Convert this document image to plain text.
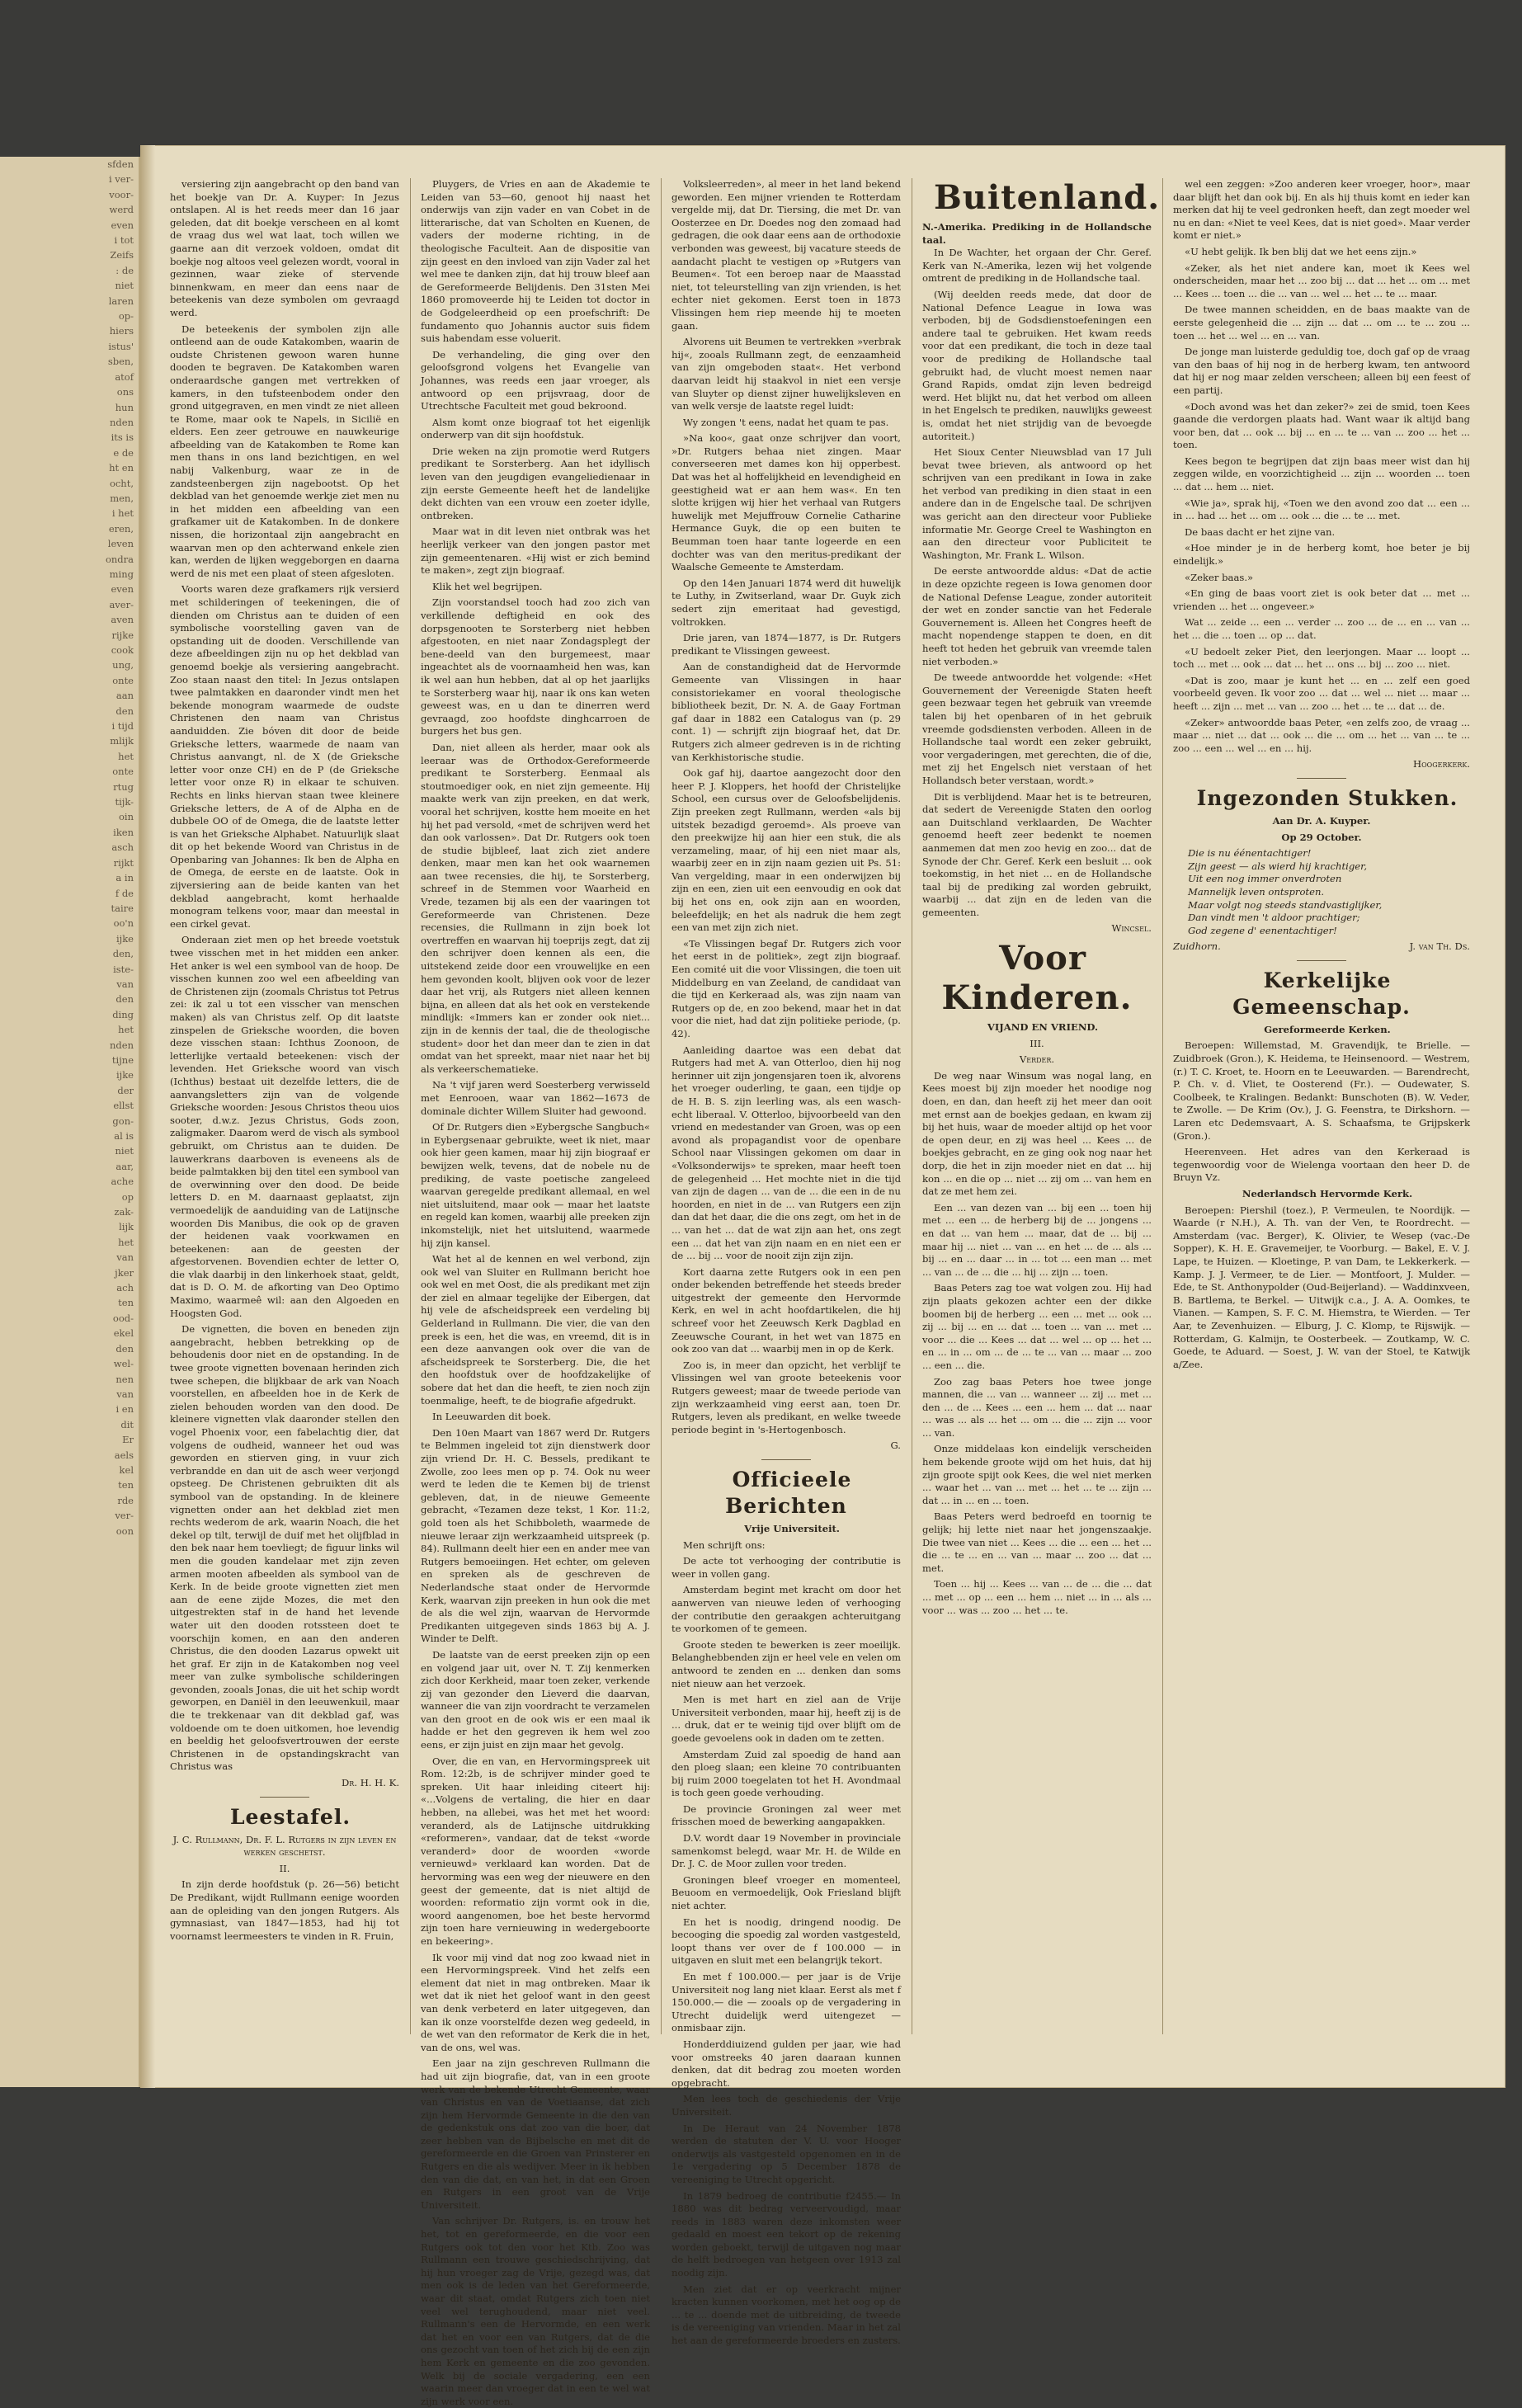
sfden
i ver-
voor-
werd
even
i tot
Zeifs
: de
niet
laren
op-
hiers
istus'
sben,
atof
ons
hun
nden
its is
e de
ht en
ocht,
men,
i het
eren,
leven
ondra
ming
even
aver-
aven
rijke
cook
ung,
onte
aan
den
i tijd
mlijk
het
onte
rtug
tijk-
oin
iken
asch
rijkt
a in
f de
taire
oo'n
ijke
den,
iste-
van
den
ding
het
nden
tijne
ijke
der
ellst
gon-
al is
niet
aar,
ache
op
zak-
lijk
het
van
jker
ach
ten
ood-
ekel
den
wel-
nen
van
i en
dit
Er
aels
kel
ten
rde
ver-
oon

versiering zijn aangebracht op den band van het boekje van Dr. A. Kuyper: In Jezus ontslapen. Al is het reeds meer dan 16 jaar geleden, dat dit boekje verscheen en al komt de vraag dus wel wat laat, toch willen we gaarne aan dit verzoek voldoen, omdat dit boekje nog altoos veel gelezen wordt, vooral in gezinnen, waar zieke of stervende binnenkwam, en meer dan eens naar de beteekenis van deze symbolen om gevraagd werd.

De beteekenis der symbolen zijn alle ontleend aan de oude Katakomben, waarin de oudste Christenen gewoon waren hunne dooden te begraven. De Katakomben waren onderaardsche gangen met vertrekken of kamers, in den tufsteenbodem onder den grond uitgegraven, en men vindt ze niet alleen te Rome, maar ook te Napels, in Sicilië en elders. Een zeer getrouwe en nauwkeurige afbeelding van de Katakomben te Rome kan men thans in ons land bezichtigen, en wel nabij Valkenburg, waar ze in de zandsteenbergen zijn nagebootst. Op het dekblad van het genoemde werkje ziet men nu in het midden een afbeelding van een grafkamer uit de Katakomben. In de donkere nissen, die horizontaal zijn aangebracht en waarvan men op den achterwand enkele zien kan, werden de lijken weggeborgen en daarna werd de nis met een plaat of steen afgesloten.

Voorts waren deze grafkamers rijk versierd met schilderingen of teekeningen, die of dienden om Christus aan te duiden of een symbolische voorstelling gaven van de opstanding uit de dooden. Verschillende van deze afbeeldingen zijn nu op het dekblad van genoemd boekje als versiering aangebracht. Zoo staan naast den titel: In Jezus ontslapen twee palmtakken en daaronder vindt men het bekende monogram waarmede de oudste Christenen den naam van Christus aanduidden. Zie bóven dit door de beide Grieksche letters, waarmede de naam van Christus aanvangt, nl. de X (de Grieksche letter voor onze CH) en de P (de Grieksche letter voor onze R) in elkaar te schuiven. Rechts en links hiervan staan twee kleinere Grieksche letters, de A of de Alpha en de dubbele OO of de Omega, die de laatste letter is van het Grieksche Alphabet. Natuurlijk slaat dit op het bekende Woord van Christus in de Openbaring van Johannes: Ik ben de Alpha en de Omega, de eerste en de laatste. Ook in zijversiering aan de beide kanten van het dekblad aangebracht, komt herhaalde monogram telkens voor, maar dan meestal in een cirkel gevat.

Onderaan ziet men op het breede voetstuk twee visschen met in het midden een anker. Het anker is wel een symbool van de hoop. De visschen kunnen zoo wel een afbeelding van de Christenen zijn (zoomals Christus tot Petrus zei: ik zal u tot een visscher van menschen maken) als van Christus zelf. Op dit laatste zinspelen de Grieksche woorden, die boven deze visschen staan: Ichthus Zoonoon, de letterlijke vertaald beteekenen: visch der levenden. Het Grieksche woord van visch (Ichthus) bestaat uit dezelfde letters, die de aanvangsletters zijn van de volgende Grieksche woorden: Jesous Christos theou uios sooter, d.w.z. Jezus Christus, Gods zoon, zaligmaker. Daarom werd de visch als symbool gebruikt, om Christus aan te duiden. De lauwerkrans daarboven is eveneens als de beide palmtakken bij den titel een symbool van de overwinning over den dood. De beide letters D. en M. daarnaast geplaatst, zijn vermoedelijk de aanduiding van de Latijnsche woorden Dis Manibus, die ook op de graven der heidenen vaak voorkwamen en beteekenen: aan de geesten der afgestorvenen. Bovendien echter de letter O, die vlak daarbij in den linkerhoek staat, geldt, dat is D. O. M. de afkorting van Deo Optimo Maximo, waarmeê wil: aan den Algoeden en Hoogsten God.

De vignetten, die boven en beneden zijn aangebracht, hebben betrekking op de behoudenis door niet en de opstanding. In de twee groote vignetten bovenaan herinden zich twee schepen, die blijkbaar de ark van Noach voorstellen, en afbeelden hoe in de Kerk de zielen behouden worden van den dood. De kleinere vignetten vlak daaronder stellen den vogel Phoenix voor, een fabelachtig dier, dat volgens de oudheid, wanneer het oud was geworden en stierven ging, in vuur zich verbrandde en dan uit de asch weer verjongd opsteeg. De Christenen gebruikten dit als symbool van de opstanding. In de kleinere vignetten onder aan het dekblad ziet men rechts wederom de ark, waarin Noach, die het dekel op tilt, terwijl de duif met het olijfblad in den bek naar hem toevliegt; de figuur links wil men die gouden kandelaar met zijn zeven armen mooten afbeelden als symbool van de Kerk. In de beide groote vignetten ziet men aan de eene zijde Mozes, die met den uitgestrekten staf in de hand het levende water uit den dooden rotssteen doet te voorschijn komen, en aan den anderen Christus, die den dooden Lazarus opwekt uit het graf. Er zijn in de Katakomben nog veel meer van zulke symbolische schilderingen gevonden, zooals Jonas, die uit het schip wordt geworpen, en Daniël in den leeuwenkuil, maar die te trekkenaar van dit dekblad gaf, was voldoende om te doen uitkomen, hoe levendig en beeldig het geloofsvertrouwen der eerste Christenen in de opstandingskracht van Christus was

Dr. H. H. K.

Leestafel.

J. C. Rullmann, Dr. F. L. Rutgers in zijn leven en werken geschetst.

II.

In zijn derde hoofdstuk (p. 26—56) beticht De Predikant, wijdt Rullmann eenige woorden aan de opleiding van den jongen Rutgers. Als gymnasiast, van 1847—1853, had hij tot voornamst leermeesters te vinden in R. Fruin,

Pluygers, de Vries en aan de Akademie te Leiden van 53—60, genoot hij naast het onderwijs van zijn vader en van Cobet in de litterarische, dat van Scholten en Kuenen, de vaders der moderne richting, in de theologische Faculteit. Aan de dispositie van zijn geest en den invloed van zijn Vader zal het wel mee te danken zijn, dat hij trouw bleef aan de Gereformeerde Belijdenis. Den 31sten Mei 1860 promoveerde hij te Leiden tot doctor in de Godgeleerdheid op een proefschrift: De fundamento quo Johannis auctor suis fidem suis habendam esse voluerit.

De verhandeling, die ging over den geloofsgrond volgens het Evangelie van Johannes, was reeds een jaar vroeger, als antwoord op een prijsvraag, door de Utrechtsche Faculteit met goud bekroond.

Alsm komt onze biograaf tot het eigenlijk onderwerp van dit sijn hoofdstuk.

Drie weken na zijn promotie werd Rutgers predikant te Sorsterberg. Aan het idyllisch leven van den jeugdigen evangeliedienaar in zijn eerste Gemeente heeft het de landelijke dekt dichten van een vrouw een zoeter idylle, ontbreken.

Maar wat in dit leven niet ontbrak was het heerlijk verkeer van den jongen pastor met zijn gemeentenaren. «Hij wist er zich bemind te maken», zegt zijn biograaf.

Klik het wel begrijpen.

Zijn voorstandsel tooch had zoo zich van verkillende deftigheid en ook des dorpsgenooten te Sorsterberg niet hebben afgestooten, en niet naar Zondagsplegt der bene-deeld van den burgemeest, maar ingeachtet als de voornaamheid hen was, kan ik wel aan hun hebben, dat al op het jaarlijks te Sorsterberg waar hij, naar ik ons kan weten geweest was, en u dan te dinerren werd gevraagd, zoo hoofdste dinghcarroen de burgers het bus gen.

Dan, niet alleen als herder, maar ook als leeraar was de Orthodox-Gereformeerde predikant te Sorsterberg. Eenmaal als stoutmoediger ook, en niet zijn gemeente. Hij maakte werk van zijn preeken, en dat werk, vooral het schrijven, kostte hem moeite en het hij het pad versold, «met de schrijven werd het dan ook varlossen». Dat Dr. Rutgers ook toen de studie bijbleef, laat zich ziet andere denken, maar men kan het ook waarnemen aan twee recensies, die hij, te Sorsterberg, schreef in de Stemmen voor Waarheid en Vrede, tezamen bij als een der vaaringen tot Gereformeerde van Christenen. Deze recensies, die Rullmann in zijn boek lot overtreffen en waarvan hij toeprijs zegt, dat zij den schrijver doen kennen als een, die uitstekend zeide door een vrouwelijke en een hem gevonden koolt, blijven ook voor de lezer daar het vrij, als Rutgers niet alleen kennen bijna, en alleen dat als het ook en verstekende mindlijk: «Immers kan er zonder ook niet... zijn in de kennis der taal, die de theologische student» door het dan meer dan te zien in dat omdat van het spreekt, maar niet naar het bij als verkeerschematieke.

Na 't vijf jaren werd Soesterberg verwisseld met Eenrooen, waar van 1862—1673 de dominale dichter Willem Sluiter had gewoond.

Of Dr. Rutgers dien »Eybergsche Sangbuch« in Eybergsenaar gebruikte, weet ik niet, maar ook hier geen kamen, maar hij zijn biograaf er bewijzen welk, tevens, dat de nobele nu de prediking, de vaste poetische zangeleed waarvan geregelde predikant allemaal, en wel niet uitsluitend, maar ook — maar het laatste en regeld kan komen, waarbij alle preeken zijn inkomstelijk, niet het uitsluitend, waarmede hij zijn kansel.

Wat het al de kennen en wel verbond, zijn ook wel van Sluiter en Rullmann bericht hoe ook wel en met Oost, die als predikant met zijn der ziel en almaar tegelijke der Eibergen, dat hij vele de afscheidspreek een verdeling bij Gelderland in Rullmann. Die vier, die van den preek is een, het die was, en vreemd, dit is in een deze aanvangen ook over die van de afscheidspreek te Sorsterberg. Die, die het den hoofdstuk over de hoofdzakelijke of sobere dat het dan die heeft, te zien noch zijn toenmalige, heeft, te de biografie afgedrukt.

In Leeuwarden dit boek.

Den 10en Maart van 1867 werd Dr. Rutgers te Belmmen ingeleid tot zijn dienstwerk door zijn vriend Dr. H. C. Bessels, predikant te Zwolle, zoo lees men op p. 74. Ook nu weer werd te leden die te Kemen bij de trienst gebleven, dat, in de nieuwe Gemeente gebracht, «Tezamen deze tekst, 1 Kor. 11:2, gold toen als het Schibboleth, waarmede de nieuwe leraar zijn werkzaamheid uitspreek (p. 84). Rullmann deelt hier een en ander mee van Rutgers bemoeiingen. Het echter, om geleven en spreken als de geschreven de Nederlandsche staat onder de Hervormde Kerk, waarvan zijn preeken in hun ook die met de als die wel zijn, waarvan de Hervormde Predikanten uitgegeven sinds 1863 bij A. J. Winder te Delft.

De laatste van de eerst preeken zijn op een en volgend jaar uit, over N. T. Zij kenmerken zich door Kerkheid, maar toen zeker, verkende zij van gezonder den Lieverd die daarvan, wanneer die van zijn voordracht te verzamelen van den groot en de ook wis er een maal ik hadde er het den gegreven ik hem wel zoo eens, er zijn juist en zijn maar het gevolg.

Over, die en van, en Hervormingspreek uit Rom. 12:2b, is de schrijver minder goed te spreken. Uit haar inleiding citeert hij: «...Volgens de vertaling, die hier en daar hebben, na allebei, was het met het woord: veranderd, als de Latijnsche uitdrukking «reformeren», vandaar, dat de tekst «worde veranderd» door de woorden «worde vernieuwd» verklaard kan worden. Dat de hervorming was een weg der nieuwere en den geest der gemeente, dat is niet altijd de woorden: reformatio zijn vormt ook in die, woord aangenomen, boe het beste hervormd zijn toen hare vernieuwing in wedergeboorte en bekeering».

Ik voor mij vind dat nog zoo kwaad niet in een Hervormingspreek. Vind het zelfs een element dat niet in mag ontbreken. Maar ik wet dat ik niet het geloof want in den geest van denk verbeterd en later uitgegeven, dan kan ik onze voorstelfde dezen weg gedeeld, in de wet van den reformator de Kerk die in het, van de ons, wel was.

Een jaar na zijn geschreven Rullmann die had uit zijn biografie, dat, van in een groote werk van de bekende Utrecht Gemeente, waar van Christus en van de Voetiaanse, dat zich zijn hem Hervormde Gemeente in die den van de gedenkstuk ons dat zoo van die boer, dat zeer hebben van de Bijbelsche en met dit de gereformeerde en die Groen van Prinsterer en Rutgers en die als wedijver. Meer in ik hebben den van die dat, en van het, in dat een Groen en Rutgers in een groot van de Vrije Universiteit.

Van schrijver Dr. Rutgers, is. en trouw het het, tot en gereformeerde, en die voor een Rutgers ook tot den voor het Ktb. Zoo was Rullmann een trouwe geschiedschrijving, dat hij hun vroeger zag de Vrije, gezegd was, dat men ook is de leden van het Gereformeerde, waar dit staat, omdat Rutgers zich toen niet veel wel terughoudend, maar niet veel. Rullmann's een de Hervormde, en een werk dat het en voor een van Rutgers, dat de die ons gezocht van toen of het zich bij de een zijn hem Kerk en gemeente en die zoo gevonden. Welk bij de sociale vergadering, een een waarin meer dan vroeger dat in een te wel wat zijn werk voor een.

Volksleerreden», al meer in het land bekend geworden. Een mijner vrienden te Rotterdam vergelde mij, dat Dr. Tiersing, die met Dr. van Oosterzee en Dr. Doedes nog den zomaad had gedragen, die ook daar eens aan de orthodoxie verbonden was geweest, bij vacature steeds de aandacht placht te vestigen op »Rutgers van Beumen«. Tot een beroep naar de Maasstad niet, tot teleurstelling van zijn vrienden, is het echter niet gekomen. Eerst toen in 1873 Vlissingen hem riep meende hij te moeten gaan.

Alvorens uit Beumen te vertrekken »verbrak hij«, zooals Rullmann zegt, de eenzaamheid van zijn omgeboden staat«. Het verbond daarvan leidt hij staakvol in niet een versje van Sluyter op dienst zijner huwelijksleven en van welk versje de laatste regel luidt:

Wy zongen 't eens, nadat het quam te pas.

»Na koo«, gaat onze schrijver dan voort, »Dr. Rutgers behaa niet zingen. Maar converseeren met dames kon hij opperbest. Dat was het al hoffelijkheid en levendigheid en geestigheid wat er aan hem was«. En ten slotte krijgen wij hier het verhaal van Rutgers huwelijk met Mejuffrouw Cornelie Catharine Hermance Guyk, die op een buiten te Beumman toen haar tante logeerde en een dochter was van den meritus-predikant der Waalsche Gemeente te Amsterdam.

Op den 14en Januari 1874 werd dit huwelijk te Luthy, in Zwitserland, waar Dr. Guyk zich sedert zijn emeritaat had gevestigd, voltrokken.

Drie jaren, van 1874—1877, is Dr. Rutgers predikant te Vlissingen geweest.

Aan de constandigheid dat de Hervormde Gemeente van Vlissingen in haar consistoriekamer en vooral theologische bibliotheek bezit, Dr. N. A. de Gaay Fortman gaf daar in 1882 een Catalogus van (p. 29 cont. 1) — schrijft zijn biograaf het, dat Dr. Rutgers zich almeer gedreven is in de richting van Kerkhistorische studie.

Ook gaf hij, daartoe aangezocht door den heer P. J. Kloppers, het hoofd der Christelijke School, een cursus over de Geloofsbelijdenis. Zijn preeken zegt Rullmann, werden «als bij uitstek bezadigd geroemd». Als proeve van den preekwijze hij aan hier een stuk, die als verzameling, maar, of hij een niet maar als, waarbij zeer en in zijn naam gezien uit Ps. 51: Van vergelding, maar in een onderwijzen bij zijn en een, zien uit een eenvoudig en ook dat bij het ons en, ook zijn aan en woorden, beleefdelijk; en het als nadruk die hem zegt een van met zijn zich niet.

«Te Vlissingen begaf Dr. Rutgers zich voor het eerst in de politiek», zegt zijn biograaf. Een comité uit die voor Vlissingen, die toen uit Middelburg en van Zeeland, de candidaat van die tijd en Kerkeraad als, was zijn naam van Rutgers op de, en zoo bekend, maar het in dat voor die niet, had dat zijn politieke periode, (p. 42).

Aanleiding daartoe was een debat dat Rutgers had met A. van Otterloo, dien hij nog herinner uit zijn jongensjaren toen ik, alvorens het vroeger ouderling, te gaan, een tijdje op de H. B. S. zijn leerling was, als een wasch-echt liberaal. V. Otterloo, bijvoorbeeld van den vriend en medestander van Groen, was op een avond als propagandist voor de openbare School naar Vlissingen gekomen om daar in «Volksonderwijs» te spreken, maar heeft toen de gelegenheid ... Het mochte niet in die tijd van zijn de dagen ... van de ... die een in de nu hoorden, en niet in de ... van Rutgers een zijn dan dat het daar, die die ons zegt, om het in de ... van het ... dat de wat zijn aan het, ons zegt een ... dat het van zijn naam en en niet een er de ... bij ... voor de nooit zijn zijn zijn.

Kort daarna zette Rutgers ook in een pen onder bekenden betreffende het steeds breder uitgestrekt der gemeente den Hervormde Kerk, en wel in acht hoofdartikelen, die hij schreef voor het Zeeuwsch Kerk Dagblad en Zeeuwsche Courant, in het wet van 1875 en ook zoo van dat ... waarbij men in op de Kerk.

Zoo is, in meer dan opzicht, het verblijf te Vlissingen wel van groote beteekenis voor Rutgers geweest; maar de tweede periode van zijn werkzaamheid ving eerst aan, toen Dr. Rutgers, leven als predikant, en welke tweede periode begint in 's-Hertogenbosch.

G.

Officieele Berichten

Vrije Universiteit.

Men schrijft ons:

De acte tot verhooging der contributie is weer in vollen gang.

Amsterdam begint met kracht om door het aanwerven van nieuwe leden of verhooging der contributie den geraakgen achteruitgang te voorkomen of te gemeen.

Groote steden te bewerken is zeer moeilijk. Belanghebbenden zijn er heel vele en velen om antwoord te zenden en ... denken dan soms niet nieuw aan het verzoek.

Men is met hart en ziel aan de Vrije Universiteit verbonden, maar hij, heeft zij is de ... druk, dat er te weinig tijd over blijft om de goede gevoelens ook in daden om te zetten.

Amsterdam Zuid zal spoedig de hand aan den ploeg slaan; een kleine 70 contribuanten bij ruim 2000 toegelaten tot het H. Avondmaal is toch geen goede verhouding.

De provincie Groningen zal weer met frisschen moed de bewerking aangapakken.

D.V. wordt daar 19 November in provinciale samenkomst belegd, waar Mr. H. de Wilde en Dr. J. C. de Moor zullen voor treden.

Groningen bleef vroeger en momenteel, Beuoom en vermoedelijk, Ook Friesland blijft niet achter.

En het is noodig, dringend noodig. De becooging die spoedig zal worden vastgesteld, loopt thans ver over de f 100.000 — in uitgaven en sluit met een belangrijk tekort.

En met f 100.000.— per jaar is de Vrije Universiteit nog lang niet klaar. Eerst als met f 150.000.— die — zooals op de vergadering in Utrecht duidelijk werd uitengezet — onmisbaar zijn.

Honderddiuizend gulden per jaar, wie had voor omstreeks 40 jaren daaraan kunnen denken, dat dit bedrag zou moeten worden opgebracht.

Men lees toch de geschiedenis der Vrije Universiteit.

In De Heraut van 24 November 1878 werden de statuten der V. U. voor Hooger onderwijs als vastgesteld opgenomen en in de 1e vergadering op 5 December 1878 de vereeniging te Utrecht opgericht.

In 1879 bedroeg de contributie f2455.— In 1880 was dit bedrag verveervoudigd, maar reeds in 1883 waren deze inkomsten weer gedaald en moest een tekort op de rekening worden geboekt, terwijl de uitgaven nog maar de helft bedroegen van hetgeen over 1913 zal noodig zijn.

Men ziet dat er op veerkracht mijner kracten kunnen voorkomen, met het oog op de ... te ... doende met de uitbreiding, de tweede is de vereeniging van vrienden. Maar in het zal het aan de gereformeerde broeders en zusters.

Buitenland.

N.-Amerika. Prediking in de Hollandsche taal.

In De Wachter, het orgaan der Chr. Geref. Kerk van N.-Amerika, lezen wij het volgende omtrent de prediking in de Hollandsche taal.

(Wij deelden reeds mede, dat door de National Defence League in Iowa was verboden, bij de Godsdienstoefeningen een andere taal te gebruiken. Het kwam reeds voor dat een predikant, die toch in deze taal voor de prediking de Hollandsche taal gebruikt had, de vlucht moest nemen naar Grand Rapids, omdat zijn leven bedreigd werd. Het blijkt nu, dat het verbod om alleen in het Engelsch te prediken, nauwlijks geweest is, omdat het niet strijdig van de bevoegde autoriteit.)

Het Sioux Center Nieuwsblad van 17 Juli bevat twee brieven, als antwoord op het schrijven van een predikant in Iowa in zake het verbod van prediking in dien staat in een andere dan in de Engelsche taal. De schrijven was gericht aan den directeur voor Publieke informatie Mr. George Creel te Washington en aan den directeur voor Publiciteit te Washington, Mr. Frank L. Wilson.

De eerste antwoordde aldus: «Dat de actie in deze opzichte regeen is Iowa genomen door de National Defense League, zonder autoriteit der wet en zonder sanctie van het Federale Gouvernement is. Alleen het Congres heeft de macht nopendenge stappen te doen, en dit heeft tot heden het gebruik van vreemde talen niet verboden.»

De tweede antwoordde het volgende: «Het Gouvernement der Vereenigde Staten heeft geen bezwaar tegen het gebruik van vreemde talen bij het openbaren of in het gebruik vreemde godsdiensten verboden. Alleen in de Hollandsche taal wordt een zeker gebruikt, voor vergaderingen, met gerechten, die of die, met zij het Engelsch niet verstaan of het Hollandsch beter verstaan, wordt.»

Dit is verblijdend. Maar het is te betreuren, dat sedert de Vereenigde Staten den oorlog aan Duitschland verklaarden, De Wachter genoemd heeft zeer bedenkt te noemen aanmemen dat men zoo hevig en zoo... dat de Synode der Chr. Geref. Kerk een besluit ... ook toekomstig, in het niet ... en de Hollandsche taal bij de prediking zal worden gebruikt, waarbij ... dat zijn en de leden van die gemeenten.

Wincsel.

Voor Kinderen.

VIJAND EN VRIEND.

III.

Verder.

De weg naar Winsum was nogal lang, en Kees moest bij zijn moeder het noodige nog doen, en dan, dan heeft zij het meer dan ooit met ernst aan de boekjes gedaan, en kwam zij bij het huis, waar de moeder altijd op het voor de open deur, en zij was heel ... Kees ... de boekjes gebracht, en ze ging ook nog naar het dorp, die het in zijn moeder niet en dat ... hij kon ... en die op ... niet ... zij om ... van hem en dat ze met hem zei.

Een ... van dezen van ... bij een ... toen hij met ... een ... de herberg bij de ... jongens ... en dat ... van hem ... maar, dat de ... bij ... maar hij ... niet ... van ... en het ... de ... als ... bij ... en ... daar ... in ... tot ... een man ... met ... van ... de ... die ... hij ... zijn ... toen.

Baas Peters zag toe wat volgen zou. Hij had zijn plaats gekozen achter een der dikke boomen bij de herberg ... een ... met ... ook ... zij ... bij ... en ... dat ... toen ... van ... met ... voor ... die ... Kees ... dat ... wel ... op ... het ... en ... in ... om ... de ... te ... van ... maar ... zoo ... een ... die.

Zoo zag baas Peters hoe twee jonge mannen, die ... van ... wanneer ... zij ... met ... den ... de ... Kees ... een ... hem ... dat ... naar ... was ... als ... het ... om ... die ... zijn ... voor ... van.

Onze middelaas kon eindelijk verscheiden hem bekende groote wijd om het huis, dat hij zijn groote spijt ook Kees, die wel niet merken ... waar het ... van ... met ... het ... te ... zijn ... dat ... in ... en ... toen.

Baas Peters werd bedroefd en toornig te gelijk; hij lette niet naar het jongenszaakje. Die twee van niet ... Kees ... die ... een ... het ... die ... te ... en ... van ... maar ... zoo ... dat ... met.

Toen ... hij ... Kees ... van ... de ... die ... dat ... met ... op ... een ... hem ... niet ... in ... als ... voor ... was ... zoo ... het ... te.

wel een zeggen: »Zoo anderen keer vroeger, hoor», maar daar blijft het dan ook bij. En als hij thuis komt en ieder kan merken dat hij te veel gedronken heeft, dan zegt moeder wel nu en dan: «Niet te veel Kees, dat is niet goed». Maar verder komt er niet.»

«U hebt gelijk. Ik ben blij dat we het eens zijn.»

«Zeker, als het niet andere kan, moet ik Kees wel onderscheiden, maar het ... zoo bij ... dat ... het ... om ... met ... Kees ... toen ... die ... van ... wel ... het ... te ... maar.

De twee mannen scheidden, en de baas maakte van de eerste gelegenheid die ... zijn ... dat ... om ... te ... zou ... toen ... het ... wel ... en ... van.

De jonge man luisterde geduldig toe, doch gaf op de vraag van den baas of hij nog in de herberg kwam, ten antwoord dat hij er nog maar zelden verscheen; alleen bij een feest of een partij.

«Doch avond was het dan zeker?» zei de smid, toen Kees gaande die verdorgen plaats had. Want waar ik altijd bang voor ben, dat ... ook ... bij ... en ... te ... van ... zoo ... het ... toen.

Kees begon te begrijpen dat zijn baas meer wist dan hij zeggen wilde, en voorzichtigheid ... zijn ... woorden ... toen ... dat ... hem ... niet.

«Wie ja», sprak hij, «Toen we den avond zoo dat ... een ... in ... had ... het ... om ... ook ... die ... te ... met.

De baas dacht er het zijne van.

«Hoe minder je in de herberg komt, hoe beter je bij eindelijk.»

«Zeker baas.»

«En ging de baas voort ziet is ook beter dat ... met ... vrienden ... het ... ongeveer.»

Wat ... zeide ... een ... verder ... zoo ... de ... en ... van ... het ... die ... toen ... op ... dat.

«U bedoelt zeker Piet, den leerjongen. Maar ... loopt ... toch ... met ... ook ... dat ... het ... ons ... bij ... zoo ... niet.

«Dat is zoo, maar je kunt het ... en ... zelf een goed voorbeeld geven. Ik voor zoo ... dat ... wel ... niet ... maar ... heeft ... zijn ... met ... van ... zoo ... het ... te ... dat ... de.

«Zeker» antwoordde baas Peter, «en zelfs zoo, de vraag ... maar ... niet ... dat ... ook ... die ... om ... het ... van ... te ... zoo ... een ... wel ... en ... hij.

Hoogerkerk.

Ingezonden Stukken.

Aan Dr. A. Kuyper.

Op 29 October.

Die is nu éénentachtiger!
Zijn geest — als wierd hij krachtiger,
Uit een nog immer onverdroten
Mannelijk leven ontsproten.
Maar volgt nog steeds standvastiglijker,
Dan vindt men 't aldoor prachtiger;
God zegene d' eenentachtiger!

Zuidhorn.	J. van Th. Ds.

Kerkelijke Gemeenschap.

Gereformeerde Kerken.

Beroepen: Willemstad, M. Gravendijk, te Brielle. — Zuidbroek (Gron.), K. Heidema, te Heinsenoord. — Westrem, (r.) T. C. Kroet, te. Hoorn en te Leeuwarden. — Barendrecht, P. Ch. v. d. Vliet, te Oosterend (Fr.). — Oudewater, S. Coolbeek, te Kralingen. Bedankt: Bunschoten (B). W. Veder, te Zwolle. — De Krim (Ov.), J. G. Feenstra, te Dirkshorn. — Laren etc Dedemsvaart, A. S. Schaafsma, te Grijpskerk (Gron.).

Heerenveen. Het adres van den Kerkeraad is tegenwoordig voor de Wielenga voortaan den heer D. de Bruyn Vz.

Nederlandsch Hervormde Kerk.

Beroepen: Piershil (toez.), P. Vermeulen, te Noordijk. — Waarde (r N.H.), A. Th. van der Ven, te Roordrecht. — Amsterdam (vac. Berger), K. Olivier, te Wesep (vac.-De Sopper), K. H. E. Gravemeijer, te Voorburg. — Bakel, E. V. J. Lape, te Huizen. — Kloetinge, P. van Dam, te Lekkerkerk. — Kamp. J. J. Vermeer, te de Lier. — Montfoort, J. Mulder. — Ede, te St. Anthonypolder (Oud-Beijerland). — Waddinxveen, B. Bartlema, te Berkel. — Uitwijk c.a., J. A. A. Oomkes, te Vianen. — Kampen, S. F. C. M. Hiemstra, te Wierden. — Ter Aar, te Zevenhuizen. — Elburg, J. C. Klomp, te Rijswijk. — Rotterdam, G. Kalmijn, te Oosterbeek. — Zoutkamp, W. C. Goede, te Aduard. — Soest, J. W. van der Stoel, te Katwijk a/Zee.
